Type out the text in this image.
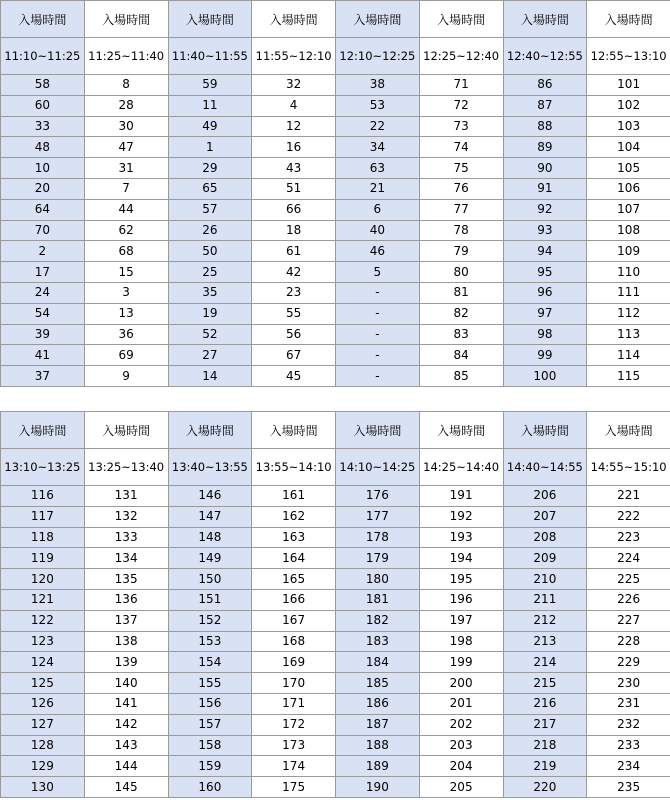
入場時間	入場時間	入場時間	入場時間	入場時間	入場時間	入場時間	入場時間
11:10~11:25	11:25~11:40	11:40~11:55	11:55~12:10	12:10~12:25	12:25~12:40	12:40~12:55	12:55~13:10
58	8	59	32	38	71	86	101
60	28	11	4	53	72	87	102
33	30	49	12	22	73	88	103
48	47	1	16	34	74	89	104
10	31	29	43	63	75	90	105
20	7	65	51	21	76	91	106
64	44	57	66	6	77	92	107
70	62	26	18	40	78	93	108
2	68	50	61	46	79	94	109
17	15	25	42	5	80	95	110
24	3	35	23	-	81	96	111
54	13	19	55	-	82	97	112
39	36	52	56	-	83	98	113
41	69	27	67	-	84	99	114
37	9	14	45	-	85	100	115
入場時間	入場時間	入場時間	入場時間	入場時間	入場時間	入場時間	入場時間
13:10~13:25	13:25~13:40	13:40~13:55	13:55~14:10	14:10~14:25	14:25~14:40	14:40~14:55	14:55~15:10
116	131	146	161	176	191	206	221
117	132	147	162	177	192	207	222
118	133	148	163	178	193	208	223
119	134	149	164	179	194	209	224
120	135	150	165	180	195	210	225
121	136	151	166	181	196	211	226
122	137	152	167	182	197	212	227
123	138	153	168	183	198	213	228
124	139	154	169	184	199	214	229
125	140	155	170	185	200	215	230
126	141	156	171	186	201	216	231
127	142	157	172	187	202	217	232
128	143	158	173	188	203	218	233
129	144	159	174	189	204	219	234
130	145	160	175	190	205	220	235
